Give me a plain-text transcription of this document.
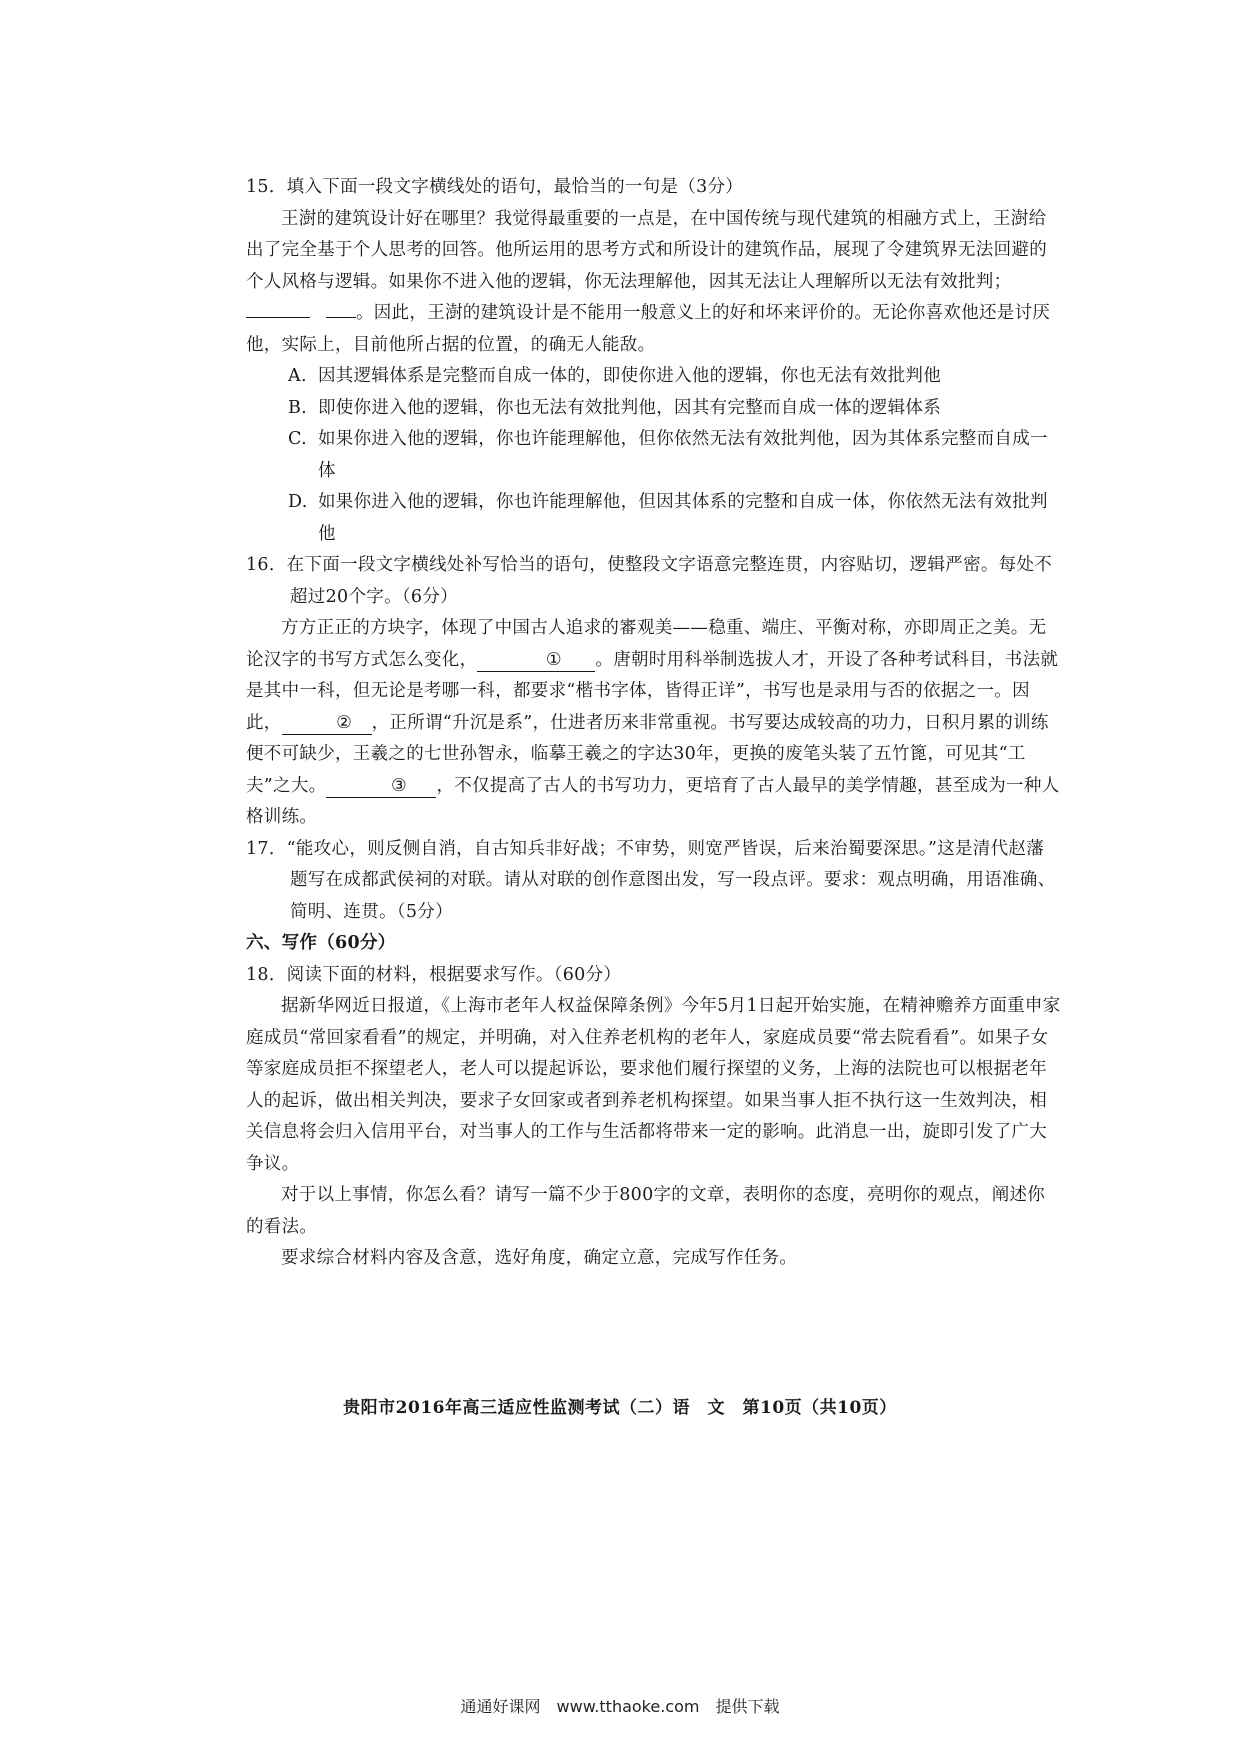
15．填入下面一段文字横线处的语句，最恰当的一句是（3分）

王澍的建筑设计好在哪里？我觉得最重要的一点是，在中国传统与现代建筑的相融方式上，王澍给出了完全基于个人思考的回答。他所运用的思考方式和所设计的建筑作品，展现了令建筑界无法回避的个人风格与逻辑。如果你不进入他的逻辑，你无法理解他，因其无法让人理解所以无法有效批判；。因此，王澍的建筑设计是不能用一般意义上的好和坏来评价的。无论你喜欢他还是讨厌他，实际上，目前他所占据的位置，的确无人能敌。

A. 因其逻辑体系是完整而自成一体的，即使你进入他的逻辑，你也无法有效批判他

B. 即使你进入他的逻辑，你也无法有效批判他，因其有完整而自成一体的逻辑体系

C. 如果你进入他的逻辑，你也许能理解他，但你依然无法有效批判他，因为其体系完整而自成一体

D. 如果你进入他的逻辑，你也许能理解他，但因其体系的完整和自成一体，你依然无法有效批判他

16．在下面一段文字横线处补写恰当的语句，使整段文字语意完整连贯，内容贴切，逻辑严密。每处不超过20个字。（6分）

方方正正的方块字，体现了中国古人追求的審观美——稳重、端庄、平衡对称，亦即周正之美。无论汉字的书写方式怎么变化，	① 。唐朝时用科举制选拔人才，开设了各种考试科目，书法就是其中一科，但无论是考哪一科，都要求“楷书字体，皆得正详”，书写也是录用与否的依据之一。因此，	② ，正所谓“升沉是系”，仕进者历来非常重视。书写要达成较高的功力，日积月累的训练便不可缺少，王羲之的七世孙智永，临摹王羲之的字达30年，更换的废笔头装了五竹篦，可见其“工夫”之大。	③ ，不仅提高了古人的书写功力，更培育了古人最早的美学情趣，甚至成为一种人格训练。

17．“能攻心，则反侧自消，自古知兵非好战；不审势，则宽严皆误，后来治蜀要深思。”这是清代赵藩题写在成都武侯祠的对联。请从对联的创作意图出发，写一段点评。要求：观点明确，用语准确、简明、连贯。（5分）

六、写作（60分）

18．阅读下面的材料，根据要求写作。（60分）

据新华网近日报道，《上海市老年人权益保障条例》今年5月1日起开始实施，在精神赡养方面重申家庭成员“常回家看看”的规定，并明确，对入住养老机构的老年人，家庭成员要“常去院看看”。如果子女等家庭成员拒不探望老人，老人可以提起诉讼，要求他们履行探望的义务，上海的法院也可以根据老年人的起诉，做出相关判决，要求子女回家或者到养老机构探望。如果当事人拒不执行这一生效判决，相关信息将会归入信用平台，对当事人的工作与生活都将带来一定的影响。此消息一出，旋即引发了广大争议。

对于以上事情，你怎么看？请写一篇不少于800字的文章，表明你的态度，亮明你的观点，阐述你的看法。

要求综合材料内容及含意，选好角度，确定立意，完成写作任务。

贵阳市2016年高三适应性监测考试（二）语　文　第10页（共10页）
通通好课网　www.tthaoke.com　提供下载
